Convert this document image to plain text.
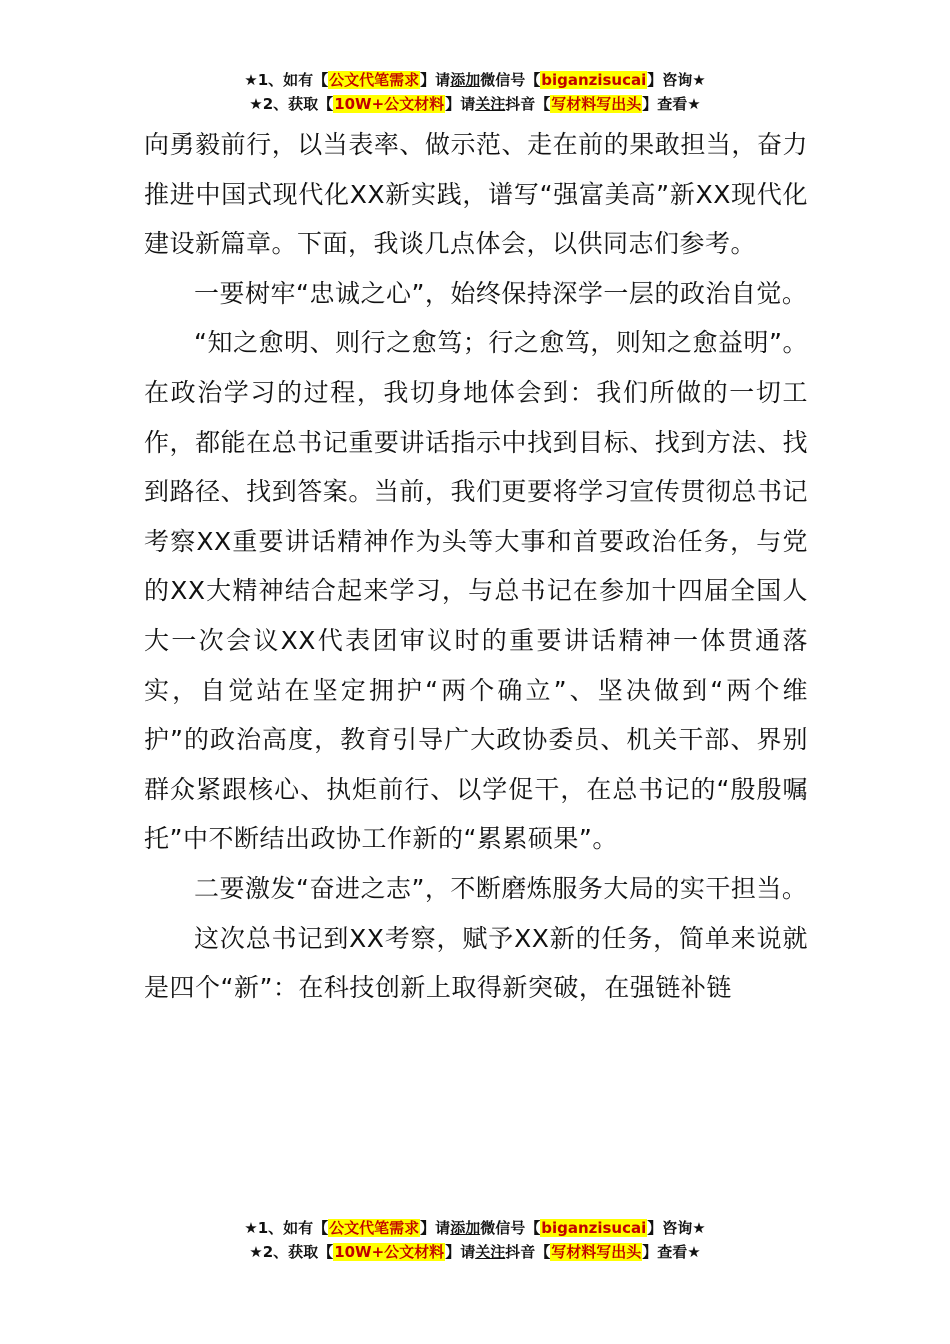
★1、如有【公文代笔需求】请添加微信号【biganzisucai】咨询★
★2、获取【10W+公文材料】请关注抖音【写材料写出头】查看★

向勇毅前行，以当表率、做示范、走在前的果敢担当，奋力推进中国式现代化XX新实践，谱写“强富美高”新XX现代化建设新篇章。下面，我谈几点体会，以供同志们参考。

一要树牢“忠诚之心”，始终保持深学一层的政治自觉。

“知之愈明、则行之愈笃；行之愈笃，则知之愈益明”。在政治学习的过程，我切身地体会到：我们所做的一切工作，都能在总书记重要讲话指示中找到目标、找到方法、找到路径、找到答案。当前，我们更要将学习宣传贯彻总书记考察XX重要讲话精神作为头等大事和首要政治任务，与党的XX大精神结合起来学习，与总书记在参加十四届全国人大一次会议XX代表团审议时的重要讲话精神一体贯通落实，自觉站在坚定拥护“两个确立”、坚决做到“两个维护”的政治高度，教育引导广大政协委员、机关干部、界别群众紧跟核心、执炬前行、以学促干，在总书记的“殷殷嘱托”中不断结出政协工作新的“累累硕果”。

二要激发“奋进之志”，不断磨炼服务大局的实干担当。

这次总书记到XX考察，赋予XX新的任务，简单来说就是四个“新”：在科技创新上取得新突破，在强链补链

★1、如有【公文代笔需求】请添加微信号【biganzisucai】咨询★
★2、获取【10W+公文材料】请关注抖音【写材料写出头】查看★
